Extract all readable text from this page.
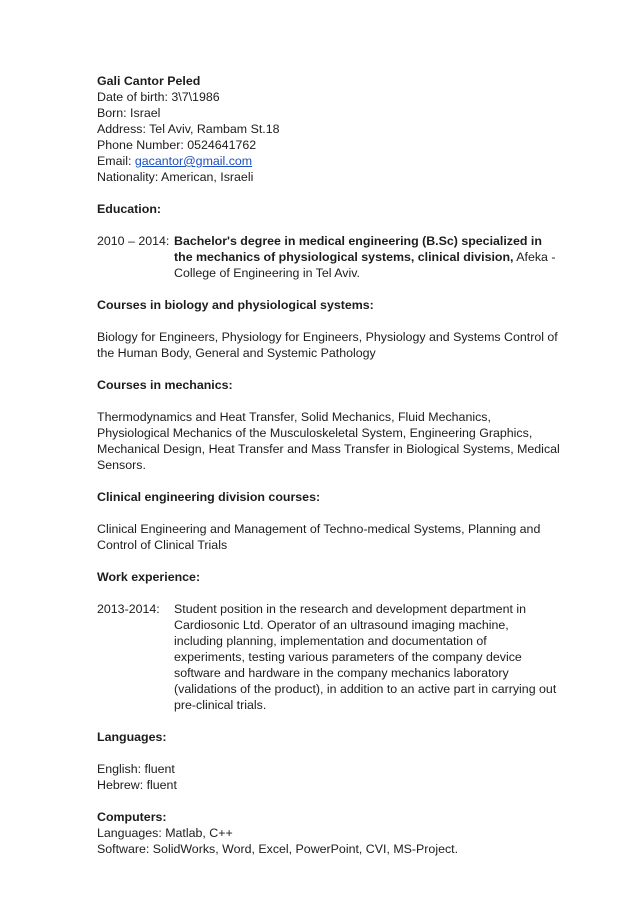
Gali Cantor Peled
Date of birth: 3\7\1986
Born: Israel
Address: Tel Aviv, Rambam St.18
Phone Number: 0524641762
Email: gacantor@gmail.com
Nationality: American, Israeli
Education:
2010 – 2014: Bachelor's degree in medical engineering (B.Sc) specialized in
the mechanics of physiological systems, clinical division, Afeka -
College of Engineering in Tel Aviv.
Courses in biology and physiological systems:
Biology for Engineers, Physiology for Engineers, Physiology and Systems Control of
the Human Body, General and Systemic Pathology
Courses in mechanics:
Thermodynamics and Heat Transfer, Solid Mechanics, Fluid Mechanics,
Physiological Mechanics of the Musculoskeletal System, Engineering Graphics,
Mechanical Design, Heat Transfer and Mass Transfer in Biological Systems, Medical
Sensors.
Clinical engineering division courses:
Clinical Engineering and Management of Techno-medical Systems, Planning and
Control of Clinical Trials
Work experience:
2013-2014:	Student position in the research and development department in
Cardiosonic Ltd. Operator of an ultrasound imaging machine,
including planning, implementation and documentation of
experiments, testing various parameters of the company device
software and hardware in the company mechanics laboratory
(validations of the product), in addition to an active part in carrying out
pre-clinical trials.
Languages:
English: fluent
Hebrew: fluent
Computers:
Languages: Matlab, C++
Software: SolidWorks, Word, Excel, PowerPoint, CVI, MS-Project.
